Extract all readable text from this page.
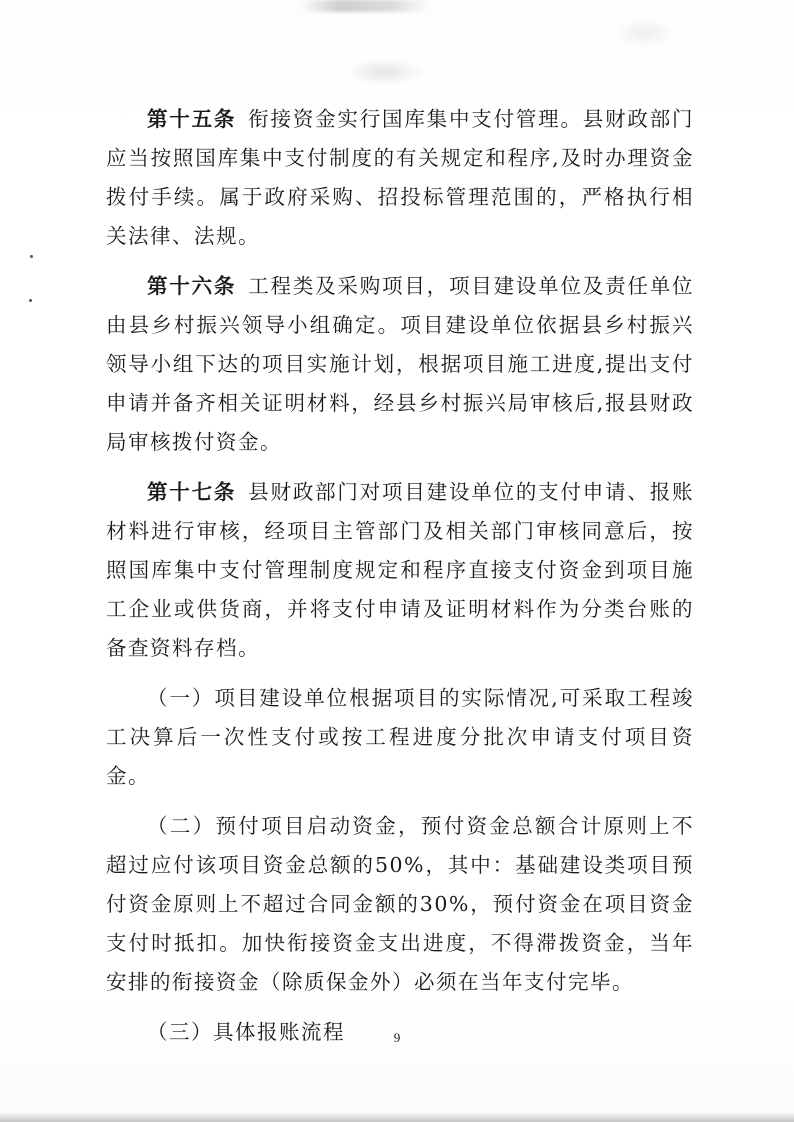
第十五条 衔接资金实行国库集中支付管理。县财政部门应当按照国库集中支付制度的有关规定和程序,及时办理资金拨付手续。属于政府采购、招投标管理范围的，严格执行相关法律、法规。

第十六条 工程类及采购项目，项目建设单位及责任单位由县乡村振兴领导小组确定。项目建设单位依据县乡村振兴领导小组下达的项目实施计划，根据项目施工进度,提出支付申请并备齐相关证明材料，经县乡村振兴局审核后,报县财政局审核拨付资金。

第十七条 县财政部门对项目建设单位的支付申请、报账材料进行审核，经项目主管部门及相关部门审核同意后，按照国库集中支付管理制度规定和程序直接支付资金到项目施工企业或供货商，并将支付申请及证明材料作为分类台账的备查资料存档。

（一）项目建设单位根据项目的实际情况,可采取工程竣工决算后一次性支付或按工程进度分批次申请支付项目资金。

（二）预付项目启动资金，预付资金总额合计原则上不超过应付该项目资金总额的50%，其中：基础建设类项目预付资金原则上不超过合同金额的30%，预付资金在项目资金支付时抵扣。加快衔接资金支出进度，不得滞拨资金，当年安排的衔接资金（除质保金外）必须在当年支付完毕。

（三）具体报账流程	9
